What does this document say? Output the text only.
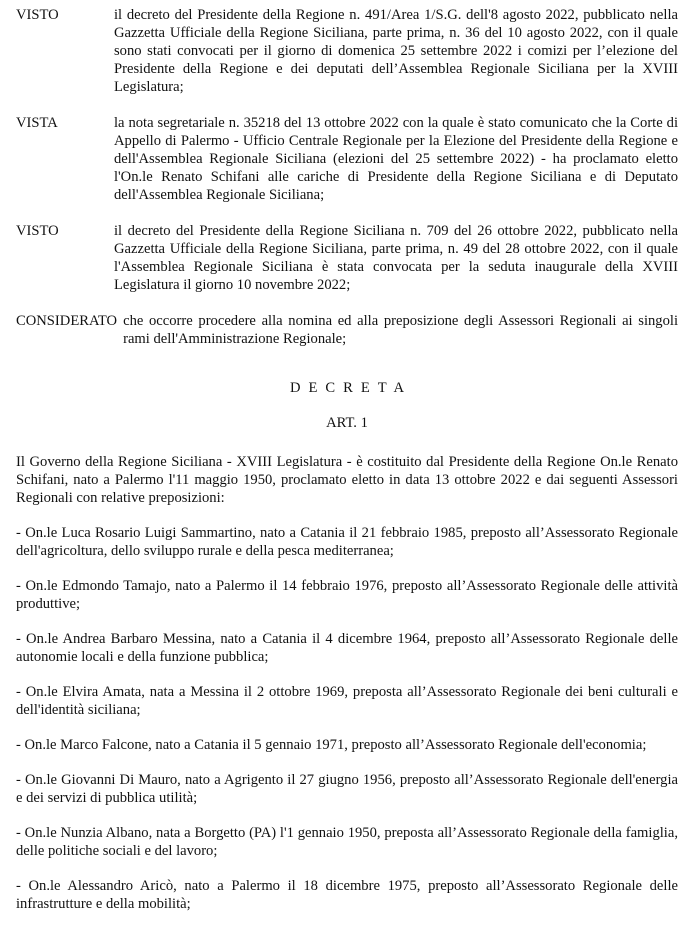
VISTO	il decreto del Presidente della Regione n. 491/Area 1/S.G. dell'8 agosto 2022, pubblicato nella Gazzetta Ufficiale della Regione Siciliana, parte prima, n. 36 del 10 agosto 2022, con il quale sono stati convocati per il giorno di domenica 25 settembre 2022 i comizi per l’elezione del Presidente della Regione e dei deputati dell’Assemblea Regionale Siciliana per la XVIII Legislatura;
VISTA	la nota segretariale n. 35218 del 13 ottobre 2022 con la quale è stato comunicato che la Corte di Appello di Palermo - Ufficio Centrale Regionale per la Elezione del Presidente della Regione e dell'Assemblea Regionale Siciliana (elezioni del 25 settembre 2022) - ha proclamato eletto l'On.le Renato Schifani alle cariche di Presidente della Regione Siciliana e di Deputato dell'Assemblea Regionale Siciliana;
VISTO	il decreto del Presidente della Regione Siciliana n. 709 del 26 ottobre 2022, pubblicato nella Gazzetta Ufficiale della Regione Siciliana, parte prima, n. 49 del 28 ottobre 2022, con il quale l'Assemblea Regionale Siciliana è stata convocata per la seduta inaugurale della XVIII Legislatura il giorno 10 novembre 2022;
CONSIDERATO che occorre procedere alla nomina ed alla preposizione degli Assessori Regionali ai singoli rami dell'Amministrazione Regionale;
DECRETA
ART. 1
Il Governo della Regione Siciliana - XVIII Legislatura - è costituito dal Presidente della Regione On.le Renato Schifani, nato a Palermo l'11 maggio 1950, proclamato eletto in data 13 ottobre 2022 e dai seguenti Assessori Regionali con relative preposizioni:
- On.le Luca Rosario Luigi Sammartino, nato a Catania il 21 febbraio 1985, preposto all’Assessorato Regionale dell'agricoltura, dello sviluppo rurale e della pesca mediterranea;
- On.le Edmondo Tamajo, nato a Palermo il 14 febbraio 1976, preposto all’Assessorato Regionale delle attività produttive;
- On.le Andrea Barbaro Messina, nato a Catania il 4 dicembre 1964, preposto all’Assessorato Regionale delle autonomie locali e della funzione pubblica;
- On.le Elvira Amata, nata a Messina il 2 ottobre 1969, preposta all’Assessorato Regionale dei beni culturali e dell'identità siciliana;
- On.le Marco Falcone, nato a Catania il 5 gennaio 1971, preposto all’Assessorato Regionale dell'economia;
- On.le Giovanni Di Mauro, nato a Agrigento il 27 giugno 1956, preposto all’Assessorato Regionale dell'energia e dei servizi di pubblica utilità;
- On.le Nunzia Albano, nata a Borgetto (PA) l'1 gennaio 1950, preposta all’Assessorato Regionale della famiglia, delle politiche sociali e del lavoro;
- On.le Alessandro Aricò, nato a Palermo il 18 dicembre 1975, preposto all’Assessorato Regionale delle infrastrutture e della mobilità;
